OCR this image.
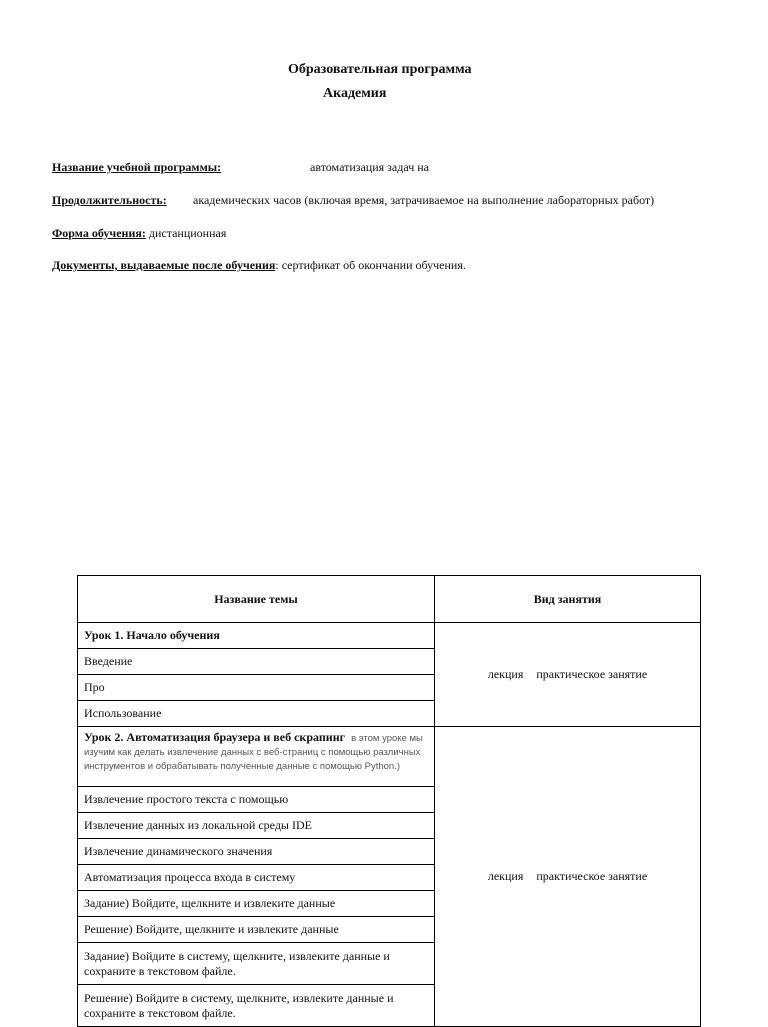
Образовательная программа
Академия
Название учебной программы:	автоматизация задач на
Продолжительность: академических часов (включая время, затрачиваемое на выполнение лабораторных работ)
Форма обучения: дистанционная
Документы, выдаваемые после обучения: сертификат об окончании обучения.
Название темы	Вид занятия
Урок 1. Начало обучения	лекция практическое занятие
Введение	
Про	
Использование	
Урок 2. Автоматизация браузера и веб скрапинг в этом уроке мы изучим как делать извлечение данных с веб-страниц с помощью различных инструментов и обрабатывать полученные данные с помощью Python.)	лекция практическое занятие
Извлечение простого текста с помощью	
Извлечение данных из локальной среды IDE	
Извлечение динамического значения	
Автоматизация процесса входа в систему	
Задание) Войдите, щелкните и извлеките данные	
Решение) Войдите, щелкните и извлеките данные	
Задание) Войдите в систему, щелкните, извлеките данные и сохраните в текстовом файле.	
Решение) Войдите в систему, щелкните, извлеките данные и сохраните в текстовом файле.	
